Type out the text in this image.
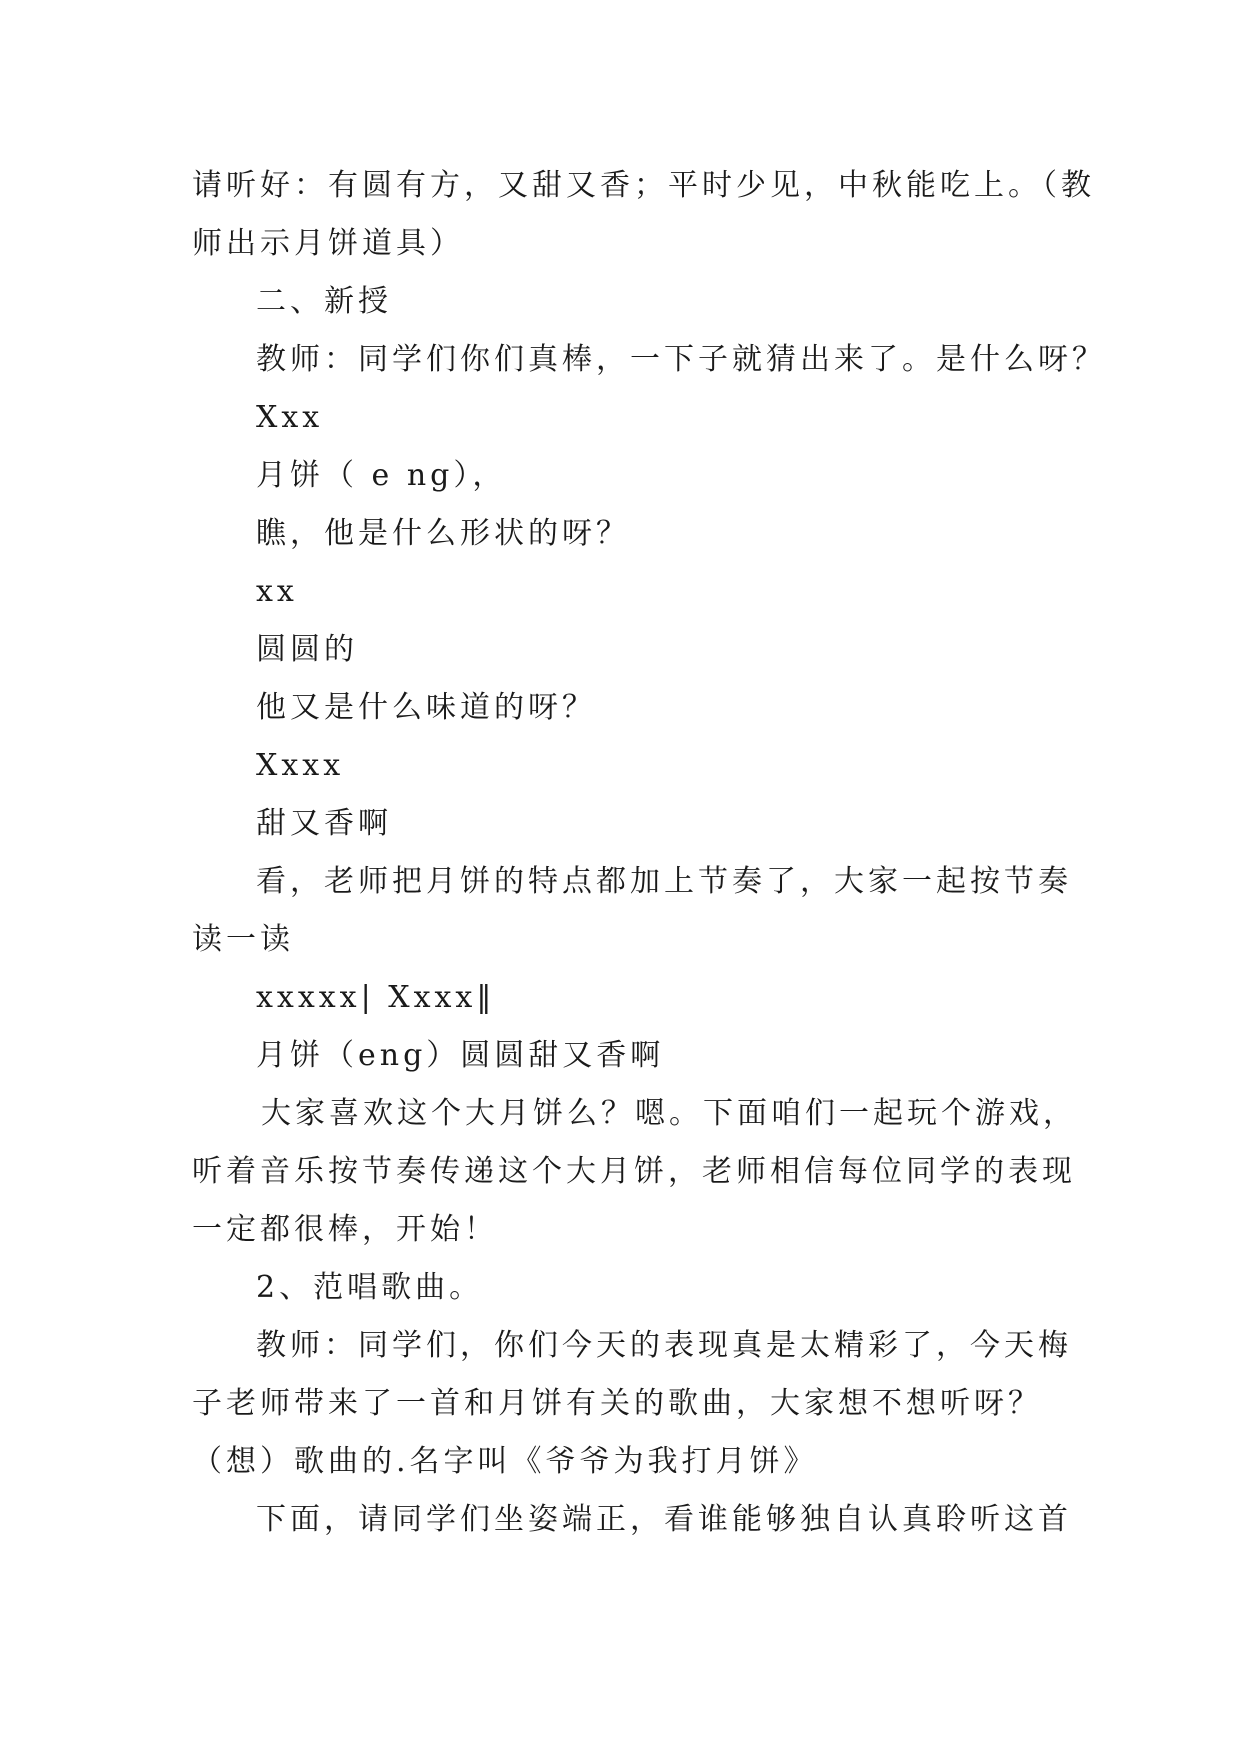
请听好：有圆有方，又甜又香；平时少见，中秋能吃上。（教
师出示月饼道具）
二、新授
教师：同学们你们真棒，一下子就猜出来了。是什么呀？
Xxx
月饼（ e ng），
瞧，他是什么形状的呀？
xx
圆圆的
他又是什么味道的呀？
Xxxx
甜又香啊
看，老师把月饼的特点都加上节奏了，大家一起按节奏
读一读
xxxxx| Xxxx‖
月饼（eng）圆圆甜又香啊
大家喜欢这个大月饼么？嗯。下面咱们一起玩个游戏，
听着音乐按节奏传递这个大月饼，老师相信每位同学的表现
一定都很棒，开始！
2、范唱歌曲。
教师：同学们，你们今天的表现真是太精彩了，今天梅
子老师带来了一首和月饼有关的歌曲，大家想不想听呀？
（想）歌曲的.名字叫《爷爷为我打月饼》
下面，请同学们坐姿端正，看谁能够独自认真聆听这首
